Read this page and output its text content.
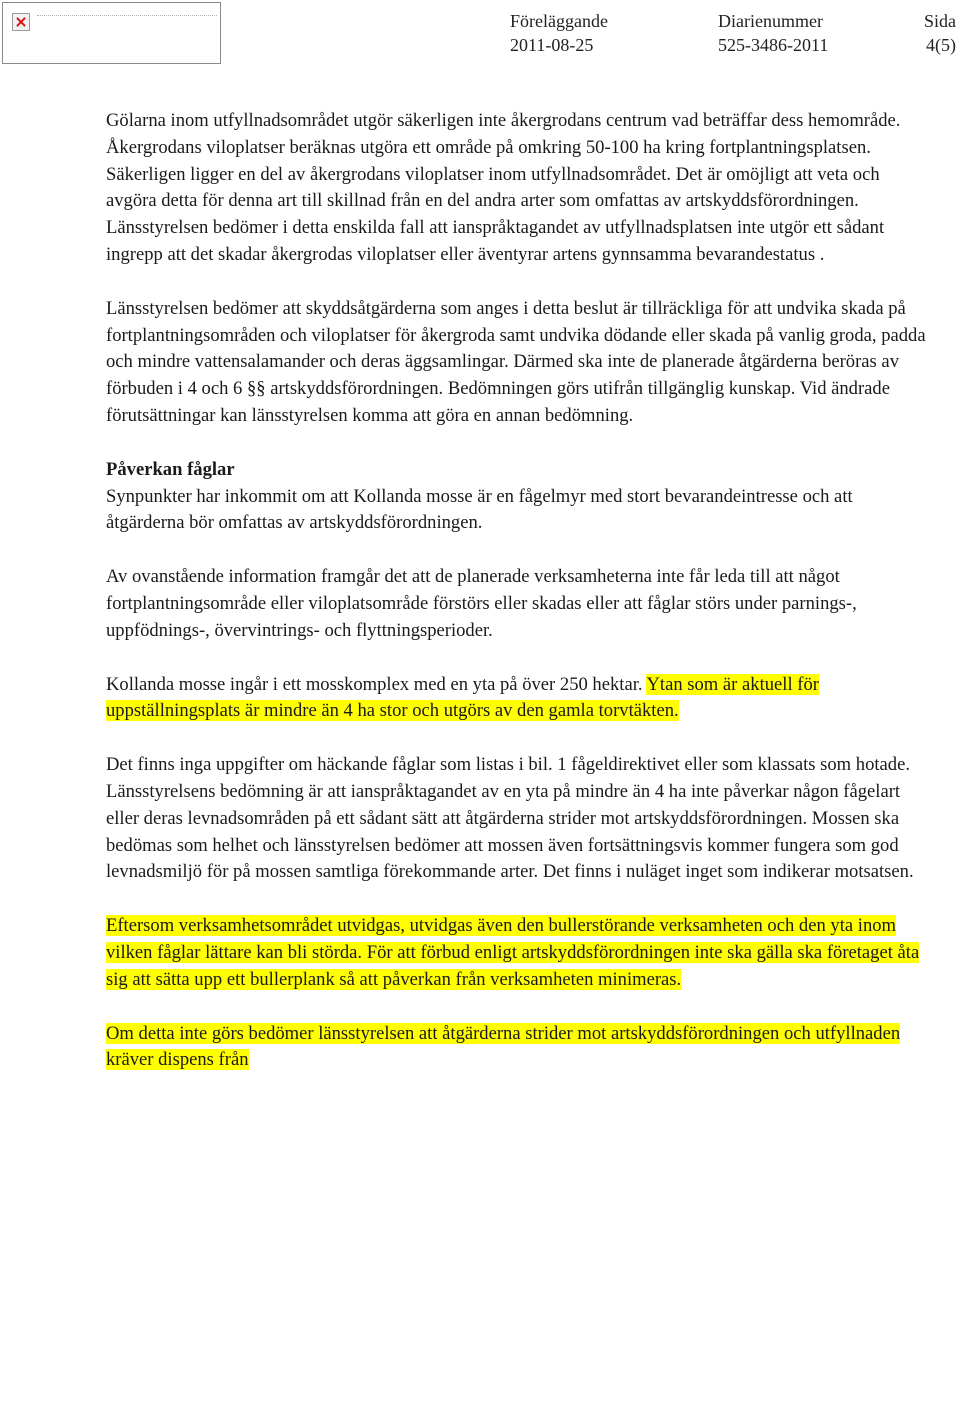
Föreläggande
2011-08-25
Diarienummer
525-3486-2011
Sida
4(5)

Gölarna inom utfyllnadsområdet utgör säkerligen inte åkergrodans centrum vad beträffar dess hemområde. Åkergrodans viloplatser beräknas utgöra ett område på omkring 50-100 ha kring fortplantningsplatsen. Säkerligen ligger en del av åkergrodans viloplatser inom utfyllnadsområdet. Det är omöjligt att veta och avgöra detta för denna art till skillnad från en del andra arter som omfattas av artskyddsförordningen. Länsstyrelsen bedömer i detta enskilda fall att ianspråktagandet av utfyllnadsplatsen inte utgör ett sådant ingrepp att det skadar åkergrodas viloplatser eller äventyrar artens gynnsamma bevarandestatus .

Länsstyrelsen bedömer att skyddsåtgärderna som anges i detta beslut är tillräckliga för att undvika skada på fortplantningsområden och viloplatser för åkergroda samt undvika dödande eller skada på vanlig groda, padda och mindre vattensalamander och deras äggsamlingar. Därmed ska inte de planerade åtgärderna beröras av förbuden i 4 och 6 §§ artskyddsförordningen. Bedömningen görs utifrån tillgänglig kunskap. Vid ändrade förutsättningar kan länsstyrelsen komma att göra en annan bedömning.

Påverkan fåglar

Synpunkter har inkommit om att Kollanda mosse är en fågelmyr med stort bevarandeintresse och att åtgärderna bör omfattas av artskyddsförordningen.

Av ovanstående information framgår det att de planerade verksamheterna inte får leda till att något fortplantningsområde eller viloplatsområde förstörs eller skadas eller att fåglar störs under parnings-, uppfödnings-, övervintrings- och flyttningsperioder.

Kollanda mosse ingår i ett mosskomplex med en yta på över 250 hektar. Ytan som är aktuell för uppställningsplats är mindre än 4 ha stor och utgörs av den gamla torvtäkten.

Det finns inga uppgifter om häckande fåglar som listas i bil. 1 fågeldirektivet eller som klassats som hotade. Länsstyrelsens bedömning är att ianspråktagandet av en yta på mindre än 4 ha inte påverkar någon fågelart eller deras levnadsområden på ett sådant sätt att åtgärderna strider mot artskyddsförordningen. Mossen ska bedömas som helhet och länsstyrelsen bedömer att mossen även fortsättningsvis kommer fungera som god levnadsmiljö för på mossen samtliga förekommande arter. Det finns i nuläget inget som indikerar motsatsen.

Eftersom verksamhetsområdet utvidgas, utvidgas även den bullerstörande verksamheten och den yta inom vilken fåglar lättare kan bli störda. För att förbud enligt artskyddsförordningen inte ska gälla ska företaget åta sig att sätta upp ett bullerplank så att påverkan från verksamheten minimeras.

Om detta inte görs bedömer länsstyrelsen att åtgärderna strider mot artskyddsförordningen och utfyllnaden kräver dispens från
